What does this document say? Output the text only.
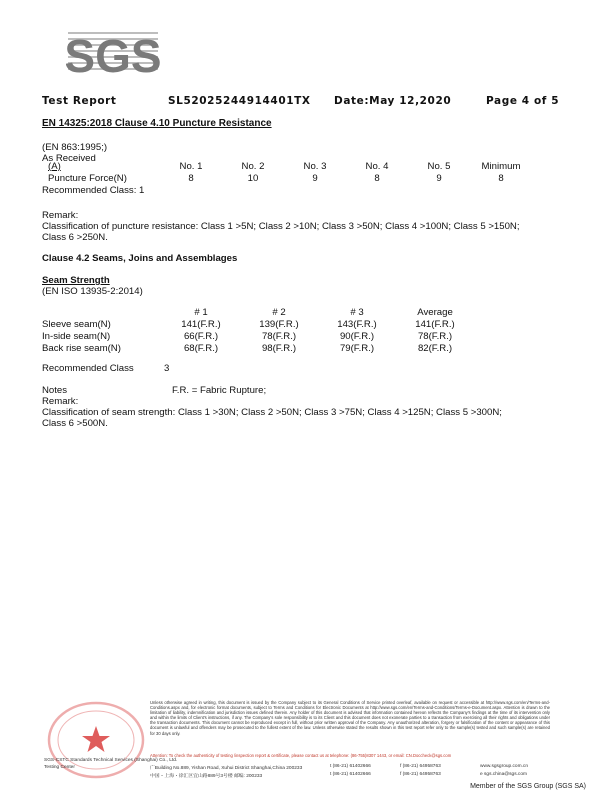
SGS
Test Report	SL52025244914401TX Date:May 12,2020	Page 4 of 5
EN 14325:2018 Clause 4.10 Puncture Resistance
(EN 863:1995;)
As Received
(A)	No. 1	No. 2	No. 3	No. 4	No. 5	Minimum
Puncture Force(N)	8	10	9	8	9	8
Recommended Class: 1
Remark:
Classification of puncture resistance: Class 1 >5N; Class 2 >10N; Class 3 >50N; Class 4 >100N; Class 5 >150N;
Class 6 >250N.
Clause 4.2 Seams, Joins and Assemblages
Seam Strength
(EN ISO 13935-2:2014)
	# 1	# 2	# 3	Average
Sleeve seam(N)	141(F.R.)	139(F.R.)	143(F.R.)	141(F.R.)
In-side seam(N)	66(F.R.)	78(F.R.)	90(F.R.)	78(F.R.)
Back rise seam(N)	68(F.R.)	98(F.R.)	79(F.R.)	82(F.R.)
Recommended Class	3
Notes	F.R. = Fabric Rupture;
Remark:
Classification of seam strength: Class 1 >30N; Class 2 >50N; Class 3 >75N; Class 4 >125N; Class 5 >300N;
Class 6 >500N.
SGS-CSTC Standards Technical Services (Shanghai) Co., Ltd.
Testing Center
Unless otherwise agreed in writing, this document is issued by the Company subject to its General Conditions of Service printed overleaf, available on request or accessible at http://www.sgs.com/en/Terms-and-Conditions.aspx and, for electronic format documents, subject to Terms and Conditions for Electronic Documents at http://www.sgs.com/en/Terms-and-Conditions/Terms-e-Document.aspx. Attention is drawn to the limitation of liability, indemnification and jurisdiction issues defined therein. Any holder of this document is advised that information contained hereon reflects the Company's findings at the time of its intervention only and within the limits of Client's instructions, if any. The Company's sole responsibility is to its Client and this document does not exonerate parties to a transaction from exercising all their rights and obligations under the transaction documents. This document cannot be reproduced except in full, without prior written approval of the Company. Any unauthorized alteration, forgery or falsification of the content or appearance of this document is unlawful and offenders may be prosecuted to the fullest extent of the law. Unless otherwise stated the results shown in this test report refer only to the sample(s) tested and such sample(s) are retained for 30 days only.
Attention: To check the authenticity of testing /inspection report & certificate, please contact us at telephone: (86-755)8307 1443, or email: CN.Doccheck@sgs.com
广Building No.889, Yishan Road, Xuhui District Shanghai,China 200233
中国・上海・徐汇区宜山路889号3号楼 邮编: 200233
t (86-21) 61402666
t (86-21) 61402666
f (86-21) 64958763
f (86-21) 64958763
www.sgsgroup.com.cn
e sgs.china@sgs.com
Member of the SGS Group (SGS SA)
